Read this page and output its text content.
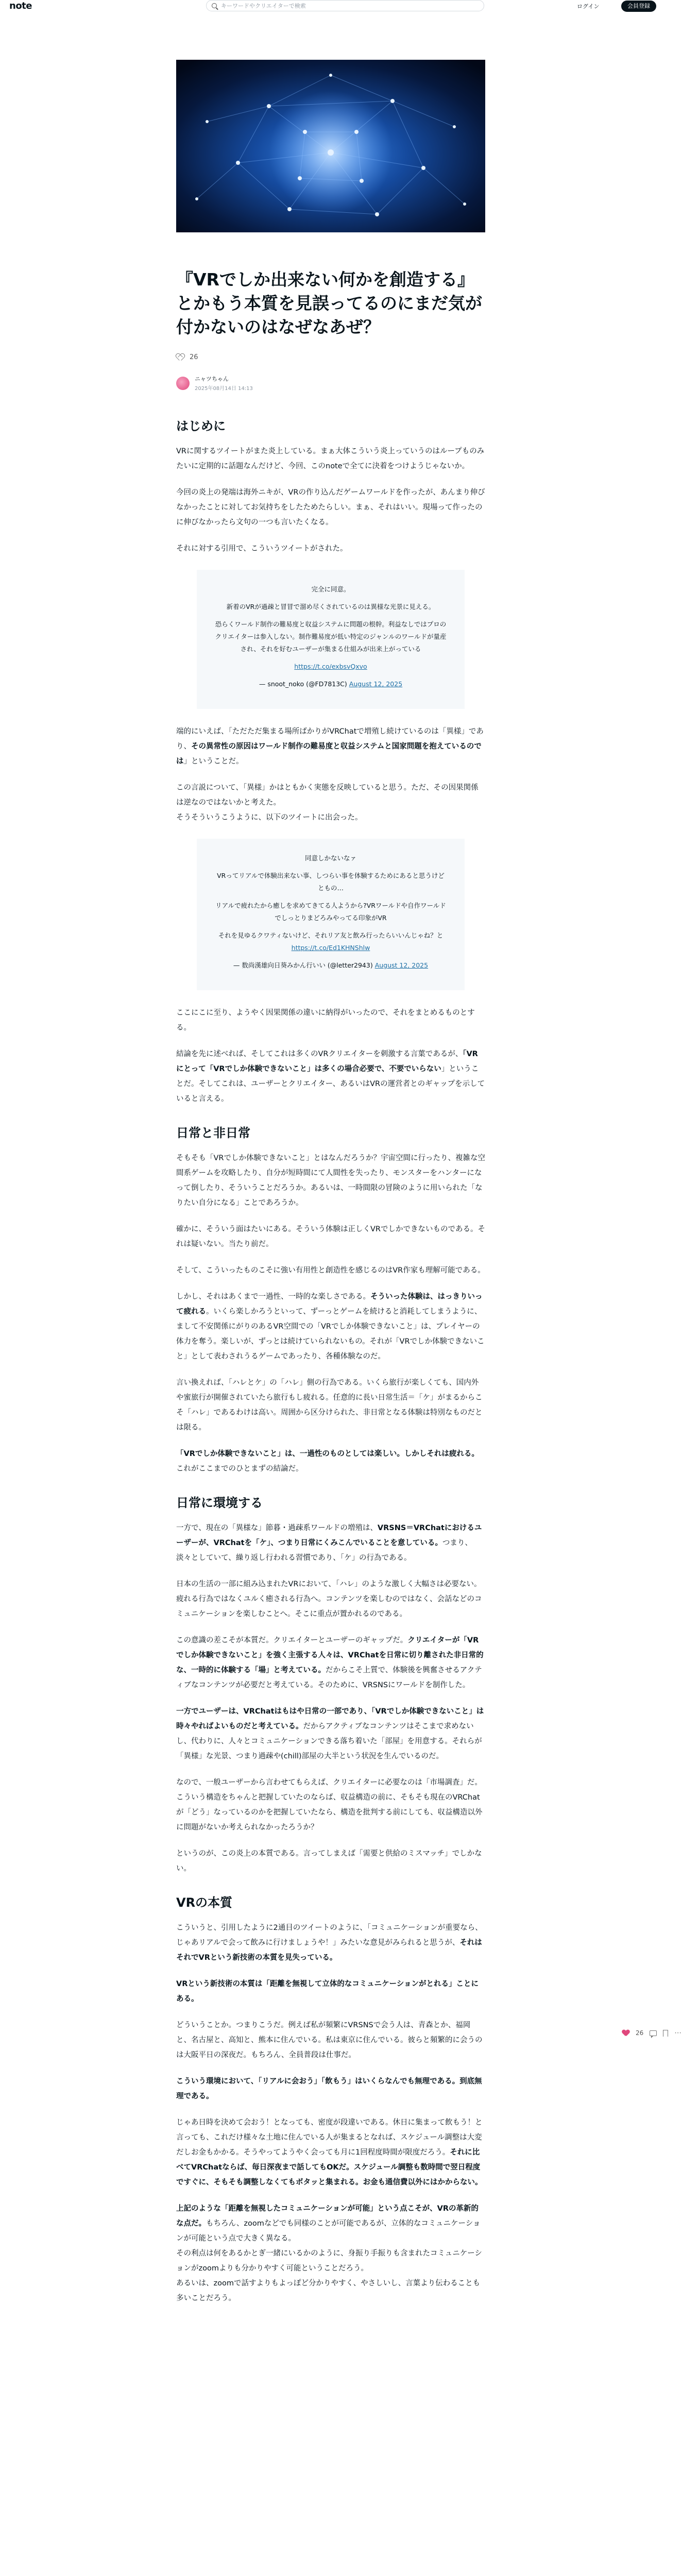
note	キーワードやクリエイターで検索	ログイン	会員登録
『VRでしか出来ない何かを創造する』とかもう本質を見誤ってるのにまだ気が付かないのはなぜなあぜ？
26
ニャツちゃん
2025年08月14日 14:13
はじめに

VRに関するツイートがまた炎上している。まぁ大体こういう炎上っていうのはループものみたいに定期的に話題なんだけど、今回、このnoteで全てに決着をつけようじゃないか。

今回の炎上の発端は海外ニキが、VRの作り込んだゲームワールドを作ったが、あんまり伸びなかったことに対してお気持ちをしたためたらしい。まぁ、それはいい。現場って作ったのに伸びなかったら文句の一つも言いたくなる。

それに対する引用で、こういうツイートがされた。

完全に同意。

新着のVRが過疎と冒冒で溜め尽くされているのは異様な光景に見える。

恐らくワールド制作の難易度と収益システムに問題の根幹。利益なしではプロのクリエイターは参入しない。制作難易度が低い特定のジャンルのワールドが量産され、それを好むユーザーが集まる仕組みが出来上がっている

https://t.co/exbsvQxvo

— snoot_noko (@FD7813C) August 12, 2025

端的にいえば、「ただただ集まる場所ばかりがVRChatで増殖し続けているのは「異様」であり、その異常性の原因はワールド制作の難易度と収益システムと国家問題を抱えているのでは」ということだ。

この言説について、「異様」かはともかく実態を反映していると思う。ただ、その因果関係は逆なのではないかと考えた。
そうそういうこうように、以下のツイートに出会った。

同意しかないなァ

VRってリアルで体験出来ない事、しつらい事を体験するためにあると思うけどともの…

リアルで疲れたから癒しを求めてきてる人ようから?VRワールドや自作ワールドでしっとりまどろみやってる印象がVR

それを見ゆるクワティないけど、それリア友と飲み行ったらいいんじゃね？と https://t.co/Ed1KHNShlw

— 数尚漢雄向日葵みかん行いい (@letter2943) August 12, 2025

ここにこに至り、ようやく因果関係の違いに納得がいったので、それをまとめるものとする。

結論を先に述べれば、そしてこれは多くのVRクリエイターを刺激する言葉であるが、「VRにとって「VRでしか体験できないこと」は多くの場合必要で、不要でいらない」ということだ。そしてこれは、ユーザーとクリエイター、あるいはVRの運営者とのギャップを示していると言える。

日常と非日常

そもそも「VRでしか体験できないこと」とはなんだろうか？宇宙空間に行ったり、複雑な空間系ゲームを攻略したり、自分が短時間にて人間性を失ったり、モンスターをハンターになって倒したり、そういうことだろうか。あるいは、一時間限の冒険のように用いられた「なりたい自分になる」ことであろうか。

確かに、そういう面はたいにある。そういう体験は正しくVRでしかできないものである。それは疑いない。当たり前だ。

そして、こういったものこそに強い有用性と創造性を感じるのはVR作家も理解可能である。

しかし、それはあくまで一過性、一時的な楽しさである。そういった体験は、はっきりいって疲れる。いくら楽しかろうといって、ずーっとゲームを続けると消耗してしまうように、まして不安関係にがりのあるVR空間での「VRでしか体験できないこと」は、プレイヤーの体力を奪う。楽しいが、ずっとは続けていられないもの。それが「VRでしか体験できないこと」として表わされうるゲームであったり、各種体験なのだ。

言い換えれば、「ハレとケ」の「ハレ」側の行為である。いくら旅行が楽しくても、国内外や蜜旅行が開催されていたら旅行もし疲れる。任意的に長い日常生活＝「ケ」がまるからこそ「ハレ」であるわけは高い。周囲から区分けられた、非日常となる体験は特別なものだとは限る。

「VRでしか体験できないこと」は、一過性のものとしては楽しい。しかしそれは疲れる。これがここまでのひとまずの結論だ。

日常に環境する

一方で、現在の「異様な」節暮・過疎系ワールドの増殖は、VRSNS＝VRChatにおけるユーザーが、VRChatを「ケ」、つまり日常にくみこんでいることを意している。つまり、淡々としていて、繰り返し行われる習慣であり、「ケ」の行為である。

日本の生活の一部に組み込まれたVRにおいて、「ハレ」のような激しく大幅さは必要ない。疲れる行為ではなくユルく癒される行為へ。コンテンツを楽しむのではなく、会話などのコミュニケーションを楽しむことへ。そこに重点が置かれるのである。

この意識の差こそが本質だ。クリエイターとユーザーのギャップだ。クリエイターが「VRでしか体験できないこと」を強く主張する人々は、VRChatを日常に切り離された非日常的な、一時的に体験する「場」と考えている。だからこそ上質で、体験後を興奮させるアクティブなコンテンツが必要だと考えている。そのために、VRSNSにワールドを制作した。

一方でユーザーは、VRChatはもはや日常の一部であり、「VRでしか体験できないこと」は時々やればよいものだと考えている。だからアクティブなコンテンツはそこまで求めないし、代わりに、人々とコミュニケーションできる落ち着いた「部屋」を用意する。それらが「異様」な光景、つまり過疎や(chill)部屋の大半という状況を生んでいるのだ。

なので、一般ユーザーから言わせてもらえば、クリエイターに必要なのは「市場調査」だ。こういう構造をちゃんと把握していたのならば、収益構造の前に、そもそも現在のVRChatが「どう」なっているのかを把握していたなら、構造を批判する前にしても、収益構造以外に問題がないか考えられなかったろうか？

というのが、この炎上の本質である。言ってしまえば「需要と供給のミスマッチ」でしかない。

VRの本質

こういうと、引用したように2通目のツイートのように、「コミュニケーションが重要なら、じゃあリアルで会って飲みに行けましょうや！」みたいな意見がみられると思うが、それはそれでVRという新技術の本質を見失っている。

VRという新技術の本質は「距離を無視して立体的なコミュニケーションがとれる」ことにある。

どういうことか。つまりこうだ。例えば私が頻繁にVRSNSで会う人は、青森とか、福岡と、名古屋と、高知と、熊本に住んでいる。私は東京に住んでいる。彼らと頻繁的に会うのは大阪平日の深夜だ。もちろん、全員普段は仕事だ。

こういう環境において、「リアルに会おう」「飲もう」はいくらなんでも無理である。到底無理である。

じゃあ日時を決めて会おう！となっても、密度が段違いである。休日に集まって飲もう！と言っても、これだけ様々な土地に住んでいる人が集まるとなれば、スケジュール調整は大変だしお金もかかる。そうやってようやく会っても月に1回程度時間が限度だろう。それに比べてVRChatならば、毎日深夜まで話してもOKだ。スケジュール調整も数時間で翌日程度ですぐに、そもそも調整しなくてもボタッと集まれる。お金も通信費以外にはかからない。

上記のような「距離を無視したコミュニケーションが可能」という点こそが、VRの革新的な点だ。もちろん、zoomなどでも同様のことが可能であるが、立体的なコミュニケーションが可能という点で大きく異なる。
その利点は何をあるかとぎ一緒にいるかのように、身振り手振りも含まれたコミュニケーションがzoomよりも分かりやすく可能ということだろう。
あるいは、zoomで話すよりもよっぽど分かりやすく、やさしいし、言葉より伝わることも多いことだろう。

26	⋯
